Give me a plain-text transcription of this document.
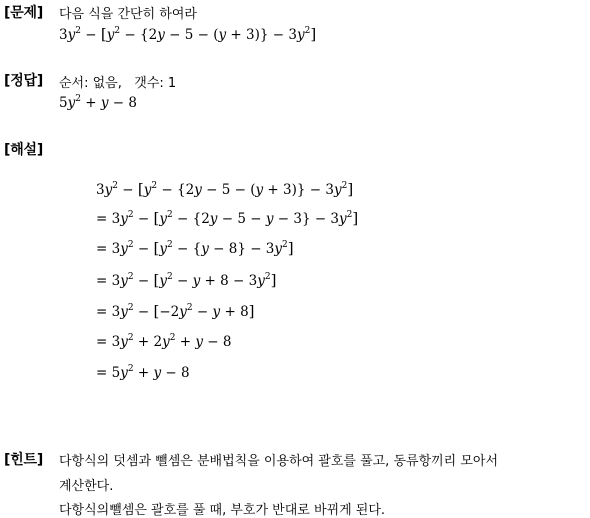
[문제] 다음 식을 간단히 하여라
$3y^2 - [y^2 - \{2y - 5 - (y + 3)\} - 3y^2]$
[정답] 순서: 없음,   갯수: 1
$5y^2 + y - 8$
[해설]
$3y^2 - [y^2 - \{2y - 5 - (y + 3)\} - 3y^2]$
= $3y^2 - [y^2 - \{2y - 5 - y - 3\} - 3y^2]$
= $3y^2 - [y^2 - \{y - 8\} - 3y^2]$
= $3y^2 - [y^2 - y + 8 - 3y^2]$
= $3y^2 - [-2y^2 - y + 8]$
= $3y^2 + 2y^2 + y - 8$
= $5y^2 + y - 8$
[힌트] 다항식의 덧셈과 뺄셈은 분배법칙을 이용하여 괄호를 풀고, 동류항끼리 모아서
계산한다.
다항식의뺄셈은 괄호를 풀 때, 부호가 반대로 바뀌게 된다.
